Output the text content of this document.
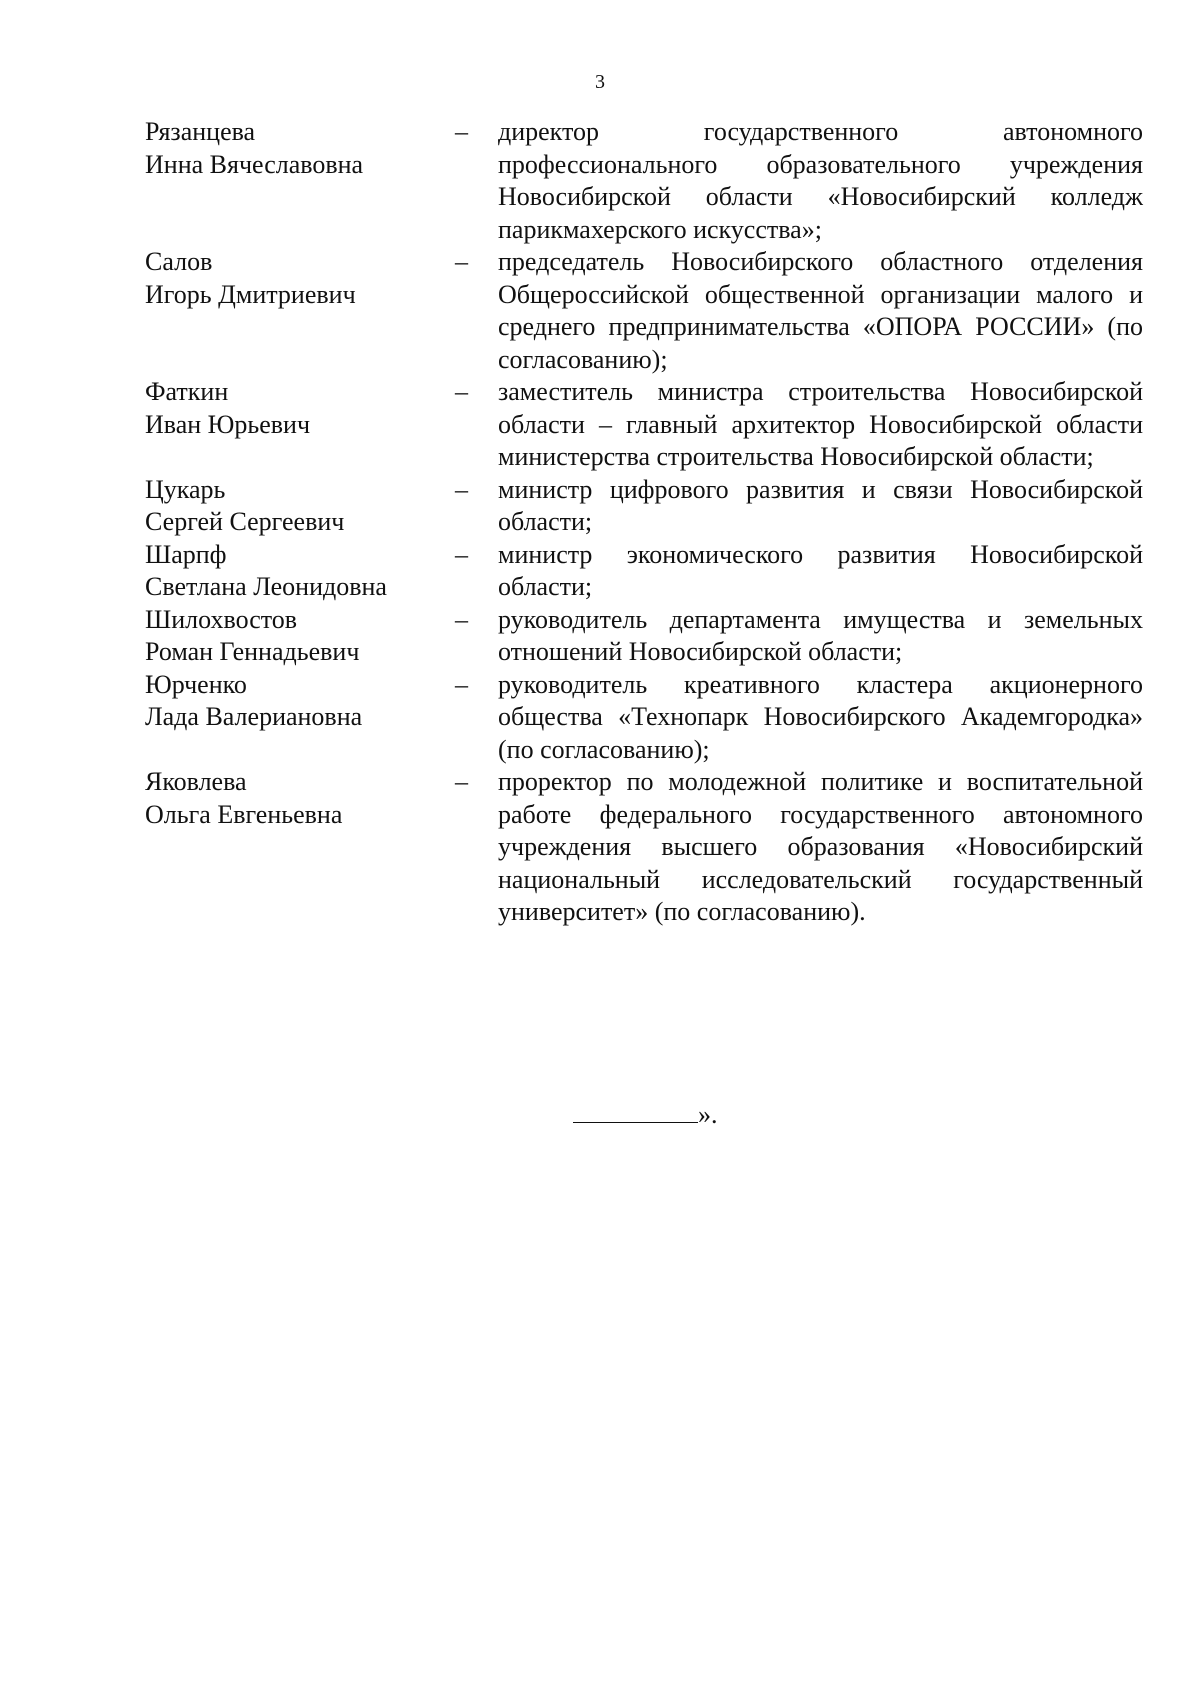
3
Рязанцева
Инна Вячеславовна
–	директор государственного автономного профессионального образовательного учреждения Новосибирской области «Новосибирский колледж парикмахерского искусства»;
Салов
Игорь Дмитриевич
–	председатель Новосибирского областного отделения Общероссийской общественной организации малого и среднего предпринимательства «ОПОРА РОССИИ» (по согласованию);
Фаткин
Иван Юрьевич
–	заместитель министра строительства Новосибирской области – главный архитектор Новосибирской области министерства строительства Новосибирской области;
Цукарь
Сергей Сергеевич
–	министр цифрового развития и связи Новосибирской области;
Шарпф
Светлана Леонидовна
–	министр экономического развития Новосибирской области;
Шилохвостов
Роман Геннадьевич
–	руководитель департамента имущества и земельных отношений Новосибирской области;
Юрченко
Лада Валериановна
–	руководитель креативного кластера акционерного общества «Технопарк Новосибирского Академгородка» (по согласованию);
Яковлева
Ольга Евгеньевна
–	проректор по молодежной политике и воспитательной работе федерального государственного автономного учреждения высшего образования «Новосибирский национальный исследовательский государственный университет» (по согласованию).
».
